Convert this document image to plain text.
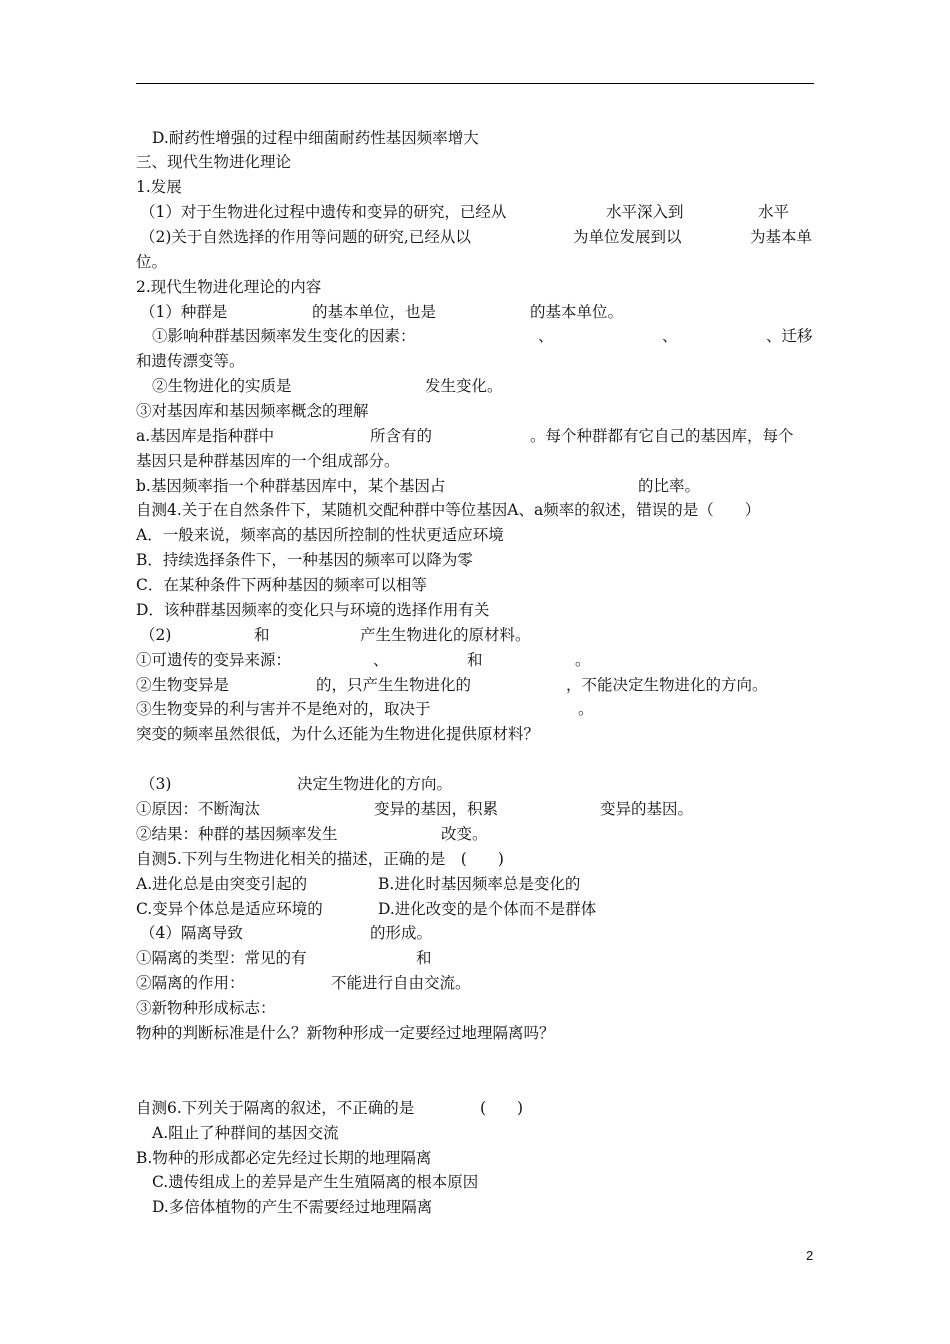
D.耐药性增强的过程中细菌耐药性基因频率增大
三、现代生物进化理论
1.发展
（1）对于生物进化过程中遗传和变异的研究，已经从	水平深入到	水平
（2)关于自然选择的作用等问题的研究,已经从以	为单位发展到以	为基本单
位。
2.现代生物进化理论的内容
（1）种群是	的基本单位，也是	的基本单位。
①影响种群基因频率发生变化的因素：	、	、	、迁移
和遗传漂变等。
②生物进化的实质是	发生变化。
③对基因库和基因频率概念的理解
a.基因库是指种群中	所含有的	。每个种群都有它自己的基因库，每个
基因只是种群基因库的一个组成部分。
b.基因频率指一个种群基因库中，某个基因占	的比率。
自测4.关于在自然条件下，某随机交配种群中等位基因A、a频率的叙述，错误的是（　　）
A．一般来说，频率高的基因所控制的性状更适应环境
B．持续选择条件下，一种基因的频率可以降为零
C．在某种条件下两种基因的频率可以相等
D．该种群基因频率的变化只与环境的选择作用有关
（2)	和	产生生物进化的原材料。
①可遗传的变异来源：	、	和	。
②生物变异是	的，只产生生物进化的	，不能决定生物进化的方向。
③生物变异的利与害并不是绝对的，取决于	。
突变的频率虽然很低，为什么还能为生物进化提供原材料？
（3)	决定生物进化的方向。
①原因：不断淘汰	变异的基因，积累	变异的基因。
②结果：种群的基因频率发生	改变。
自测5.下列与生物进化相关的描述，正确的是　(　　)
A.进化总是由突变引起的	B.进化时基因频率总是变化的
C.变异个体总是适应环境的	D.进化改变的是个体而不是群体
（4）隔离导致	的形成。
①隔离的类型：常见的有	和
②隔离的作用：	不能进行自由交流。
③新物种形成标志：
物种的判断标准是什么？新物种形成一定要经过地理隔离吗？
自测6.下列关于隔离的叙述，不正确的是	(　　)
A.阻止了种群间的基因交流
B.物种的形成都必定先经过长期的地理隔离
C.遗传组成上的差异是产生生殖隔离的根本原因
D.多倍体植物的产生不需要经过地理隔离
2
